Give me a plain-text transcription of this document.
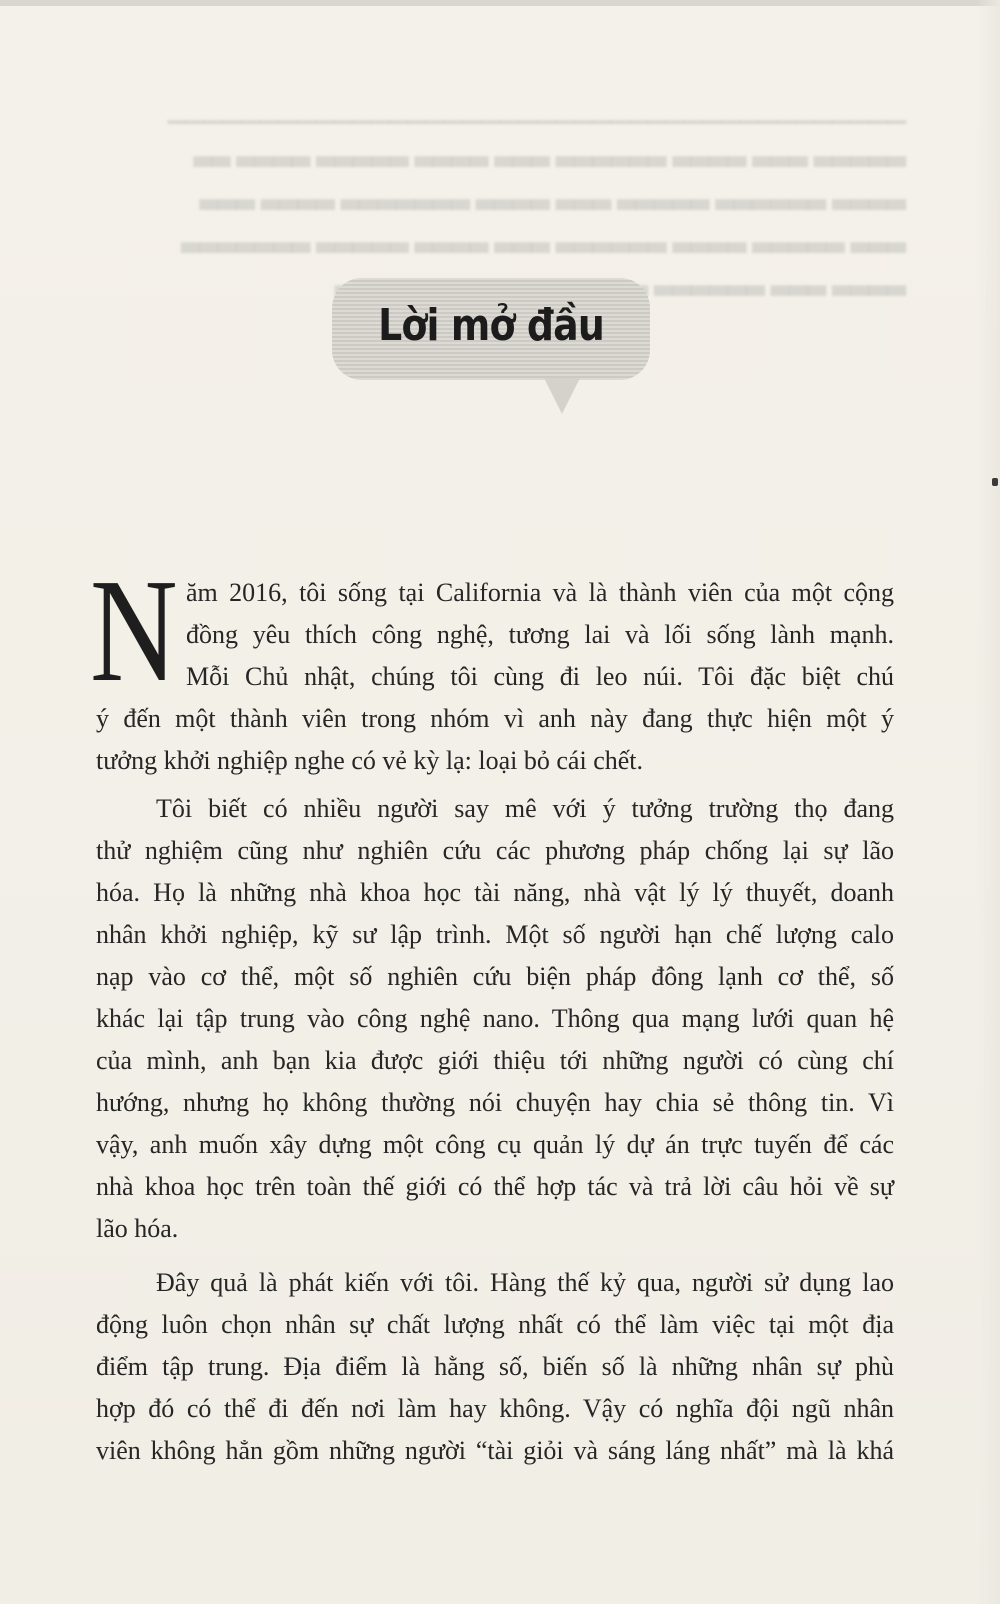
▁▁▁▁▁▁▁▁▁▁▁▁▁▁▁▁▁▁▁▁▁▁▁▁▁▁▁▁▁▁▁▁▁▁▁▁▁▁▁▁
▃▃▃▃▃ ▃▃▃ ▃▃▃▃ ▃▃▃▃▃▃ ▃▃▃ ▃▃▃▃ ▃▃▃▃▃ ▃▃▃▃ ▃▃
▃▃▃▃ ▃▃▃▃▃▃ ▃▃▃▃▃ ▃▃▃ ▃▃▃▃ ▃▃▃▃▃▃▃ ▃▃▃▃ ▃▃▃
▃▃▃ ▃▃▃▃▃ ▃▃▃▃ ▃▃▃▃▃▃ ▃▃▃ ▃▃▃▃ ▃▃▃▃▃ ▃▃▃▃▃▃▃
▃▃▃▃ ▃▃▃ ▃▃▃▃▃▃
Lời mở đầu
N ăm 2016, tôi sống tại California và là thành viên của một cộng
đồng yêu thích công nghệ, tương lai và lối sống lành mạnh.
Mỗi Chủ nhật, chúng tôi cùng đi leo núi. Tôi đặc biệt chú
ý đến một thành viên trong nhóm vì anh này đang thực hiện một ý
tưởng khởi nghiệp nghe có vẻ kỳ lạ: loại bỏ cái chết.
Tôi biết có nhiều người say mê với ý tưởng trường thọ đang
thử nghiệm cũng như nghiên cứu các phương pháp chống lại sự lão
hóa. Họ là những nhà khoa học tài năng, nhà vật lý lý thuyết, doanh
nhân khởi nghiệp, kỹ sư lập trình. Một số người hạn chế lượng calo
nạp vào cơ thể, một số nghiên cứu biện pháp đông lạnh cơ thể, số
khác lại tập trung vào công nghệ nano. Thông qua mạng lưới quan hệ
của mình, anh bạn kia được giới thiệu tới những người có cùng chí
hướng, nhưng họ không thường nói chuyện hay chia sẻ thông tin. Vì
vậy, anh muốn xây dựng một công cụ quản lý dự án trực tuyến để các
nhà khoa học trên toàn thế giới có thể hợp tác và trả lời câu hỏi về sự
lão hóa.
Đây quả là phát kiến với tôi. Hàng thế kỷ qua, người sử dụng lao
động luôn chọn nhân sự chất lượng nhất có thể làm việc tại một địa
điểm tập trung. Địa điểm là hằng số, biến số là những nhân sự phù
hợp đó có thể đi đến nơi làm hay không. Vậy có nghĩa đội ngũ nhân
viên không hẳn gồm những người “tài giỏi và sáng láng nhất” mà là khá
